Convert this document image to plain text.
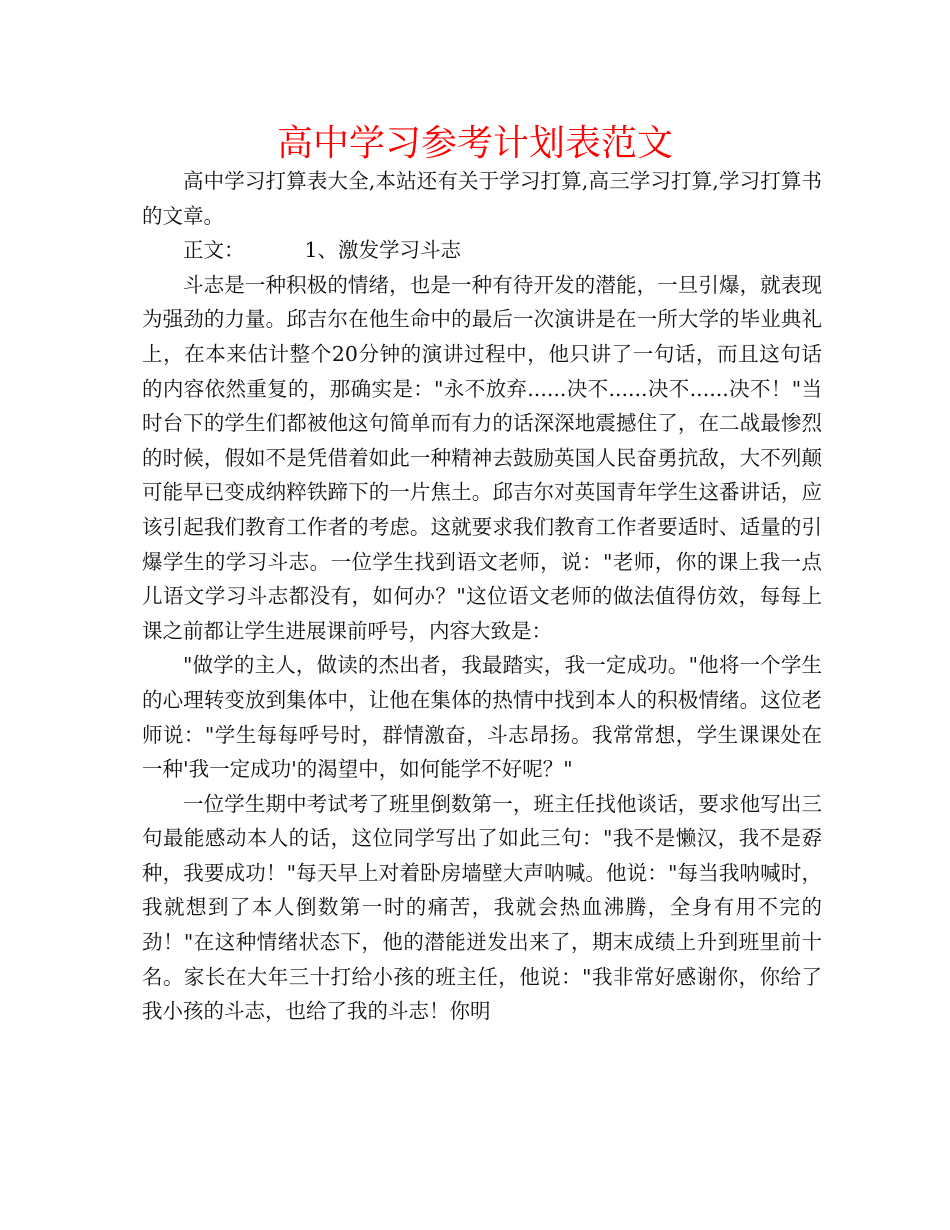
高中学习参考计划表范文

高中学习打算表大全,本站还有关于学习打算,高三学习打算,学习打算书的文章。

正文：	1、激发学习斗志

斗志是一种积极的情绪，也是一种有待开发的潜能，一旦引爆，就表现为强劲的力量。邱吉尔在他生命中的最后一次演讲是在一所大学的毕业典礼上，在本来估计整个20分钟的演讲过程中，他只讲了一句话，而且这句话的内容依然重复的，那确实是："永不放弃......决不......决不......决不！"当时台下的学生们都被他这句简单而有力的话深深地震撼住了，在二战最惨烈的时候，假如不是凭借着如此一种精神去鼓励英国人民奋勇抗敌，大不列颠可能早已变成纳粹铁蹄下的一片焦土。邱吉尔对英国青年学生这番讲话，应该引起我们教育工作者的考虑。这就要求我们教育工作者要适时、适量的引爆学生的学习斗志。一位学生找到语文老师，说："老师，你的课上我一点儿语文学习斗志都没有，如何办？"这位语文老师的做法值得仿效，每每上课之前都让学生进展课前呼号，内容大致是：

"做学的主人，做读的杰出者，我最踏实，我一定成功。"他将一个学生的心理转变放到集体中，让他在集体的热情中找到本人的积极情绪。这位老师说："学生每每呼号时，群情激奋，斗志昂扬。我常常想，学生课课处在一种'我一定成功'的渴望中，如何能学不好呢？"

一位学生期中考试考了班里倒数第一，班主任找他谈话，要求他写出三句最能感动本人的话，这位同学写出了如此三句："我不是懒汉，我不是孬种，我要成功！"每天早上对着卧房墙壁大声呐喊。他说："每当我呐喊时，我就想到了本人倒数第一时的痛苦，我就会热血沸腾，全身有用不完的劲！"在这种情绪状态下，他的潜能迸发出来了，期末成绩上升到班里前十名。家长在大年三十打给小孩的班主任，他说："我非常好感谢你，你给了我小孩的斗志，也给了我的斗志！你明
